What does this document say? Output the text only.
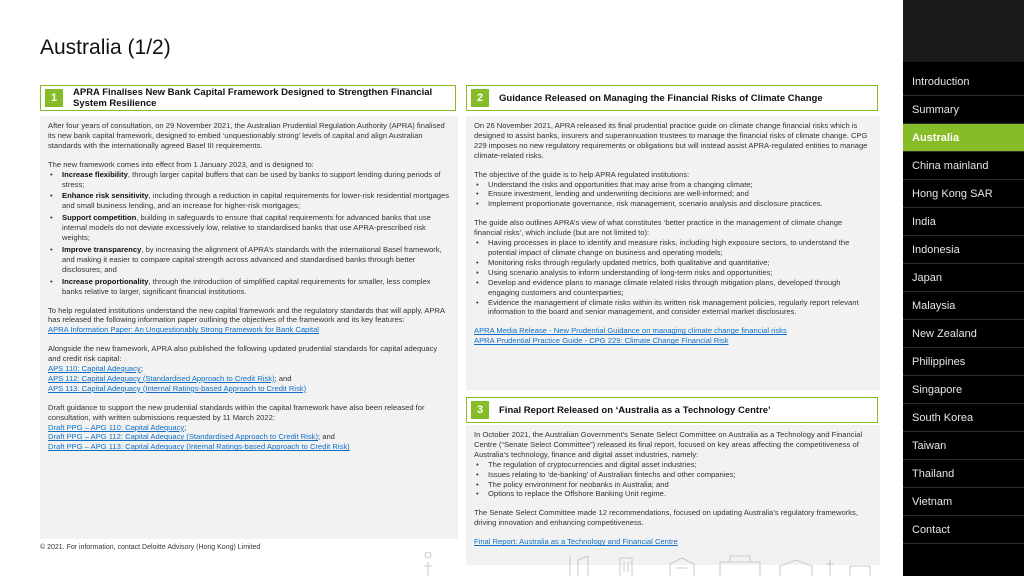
Australia (1/2)
1	APRA Finalises New Bank Capital Framework Designed to Strengthen Financial System Resilience

After four years of consultation, on 29 November 2021, the Australian Prudential Regulation Authority (APRA) finalised its new bank capital framework, designed to embed ‘unquestionably strong’ levels of capital and align Australian standards with the internationally agreed Basel III requirements.

The new framework comes into effect from 1 January 2023, and is designed to:

• Increase flexibility, through larger capital buffers that can be used by banks to support lending during periods of stress;
• Enhance risk sensitivity, including through a reduction in capital requirements for lower-risk residential mortgages and small business lending, and an increase for higher-risk mortgages;
• Support competition, building in safeguards to ensure that capital requirements for advanced banks that use internal models do not deviate excessively low, relative to standardised banks that use APRA-prescribed risk weights;
• Improve transparency, by increasing the alignment of APRA’s standards with the international Basel framework, and making it easier to compare capital strength across advanced and standardised banks through better disclosures; and
• Increase proportionality, through the introduction of simplified capital requirements for smaller, less complex banks relative to larger, significant financial institutions.

To help regulated institutions understand the new capital framework and the regulatory standards that will apply, APRA has released the following information paper outlining the objectives of the framework and its key features:

APRA Information Paper: An Unquestionably Strong Framework for Bank Capital

Alongside the new framework, APRA also published the following updated prudential standards for capital adequacy and credit risk capital:

APS 110: Capital Adequacy;
APS 112: Capital Adequacy (Standardised Approach to Credit Risk); and
APS 113: Capital Adequacy (Internal Ratings-based Approach to Credit Risk)

Draft guidance to support the new prudential standards within the capital framework have also been released for consultation, with written submissions requested by 11 March 2022:

Draft PPG – APG 110: Capital Adequacy;
Draft PPG – APG 112: Capital Adequacy (Standardised Approach to Credit Risk); and
Draft PPG – APG 113: Capital Adequacy (Internal Ratings-based Approach to Credit Risk)
2	Guidance Released on Managing the Financial Risks of Climate Change

On 26 November 2021, APRA released its final prudential practice guide on climate change financial risks which is designed to assist banks, insurers and superannuation trustees to manage the financial risks of climate change. CPG 229 imposes no new regulatory requirements or obligations but will instead assist APRA-regulated entities to manage climate-related risks.

The objective of the guide is to help APRA regulated institutions:

• Understand the risks and opportunities that may arise from a changing climate;
• Ensure investment, lending and underwriting decisions are well-informed; and
• Implement proportionate governance, risk management, scenario analysis and disclosure practices.

The guide also outlines APRA’s view of what constitutes ‘better practice in the management of climate change financial risks’, which include (but are not limited to):

• Having processes in place to identify and measure risks, including high exposure sectors, to understand the potential impact of climate change on business and operating models;
• Monitoring risks through regularly updated metrics, both qualitative and quantitative;
• Using scenario analysis to inform understanding of long-term risks and opportunities;
• Develop and evidence plans to manage climate related risks through mitigation plans, developed through engaging customers and counterparties;
• Evidence the management of climate risks within its written risk management policies, regularly report relevant information to the board and senior management, and consider external market disclosures.
APRA Media Release - New Prudential Guidance on managing climate change financial risks
APRA Prudential Practice Guide - CPG 229: Climate Change Financial Risk
3	Final Report Released on ‘Australia as a Technology Centre’

In October 2021, the Australian Government’s Senate Select Committee on Australia as a Technology and Financial Centre (“Senate Select Committee”) released its final report, focused on key areas affecting the competitiveness of Australia’s technology, finance and digital asset industries, namely:

• The regulation of cryptocurrencies and digital asset industries;
• Issues relating to ‘de-banking’ of Australian fintechs and other companies;
• The policy environment for neobanks in Australia; and
• Options to replace the Offshore Banking Unit regime.

The Senate Select Committee made 12 recommendations, focused on updating Australia’s regulatory frameworks, driving innovation and enhancing competitiveness.

Final Report: Australia as a Technology and Financial Centre
© 2021. For information, contact Deloitte Advisory (Hong Kong) Limited
Introduction
Summary
Australia
China mainland
Hong Kong SAR
India
Indonesia
Japan
Malaysia
New Zealand
Philippines
Singapore
South Korea
Taiwan
Thailand
Vietnam
Contact
